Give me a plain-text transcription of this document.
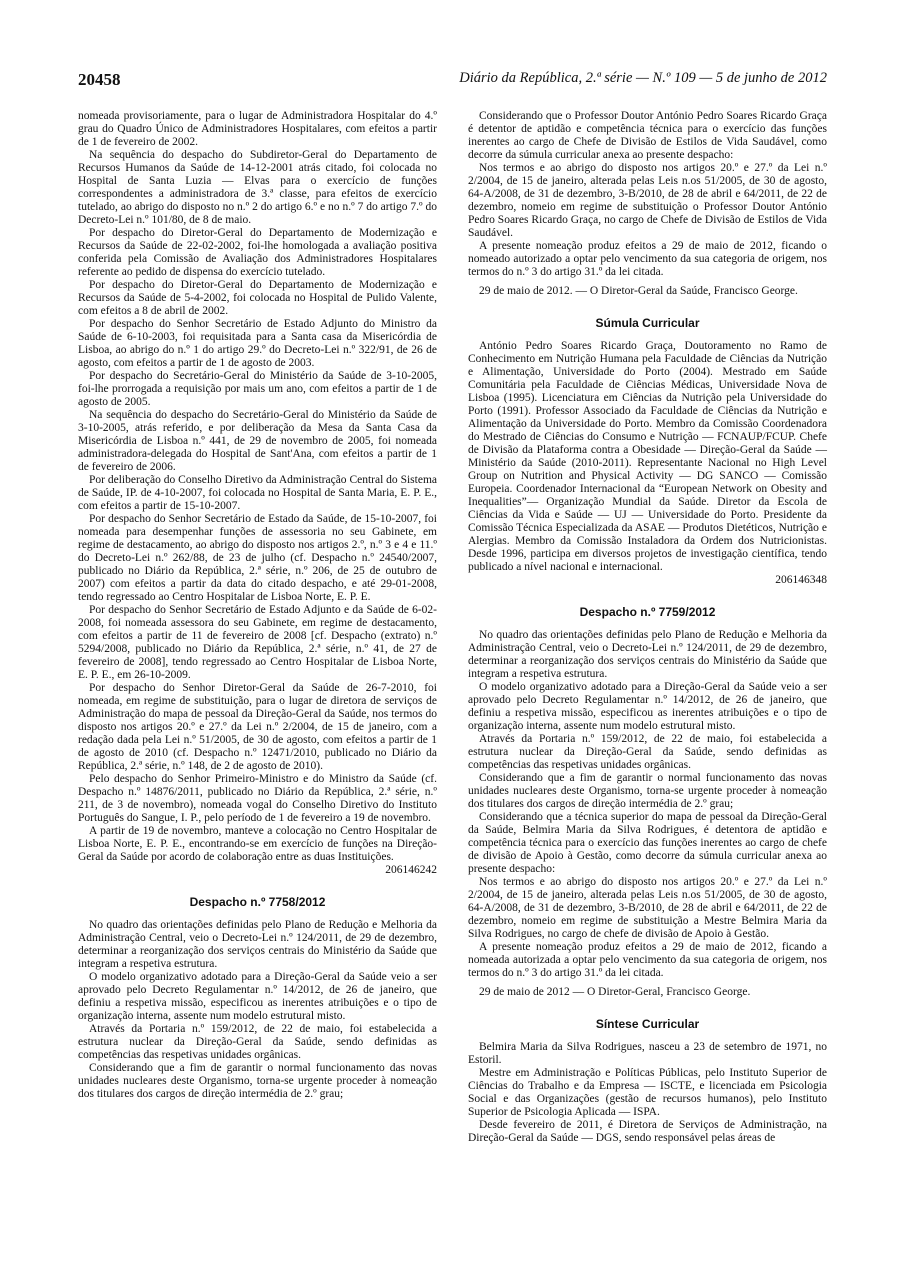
20458	Diário da República, 2.ª série — N.º 109 — 5 de junho de 2012

nomeada provisoriamente, para o lugar de Administradora Hospitalar do 4.º grau do Quadro Único de Administradores Hospitalares, com efeitos a partir de 1 de fevereiro de 2002.

Na sequência do despacho do Subdiretor-Geral do Departamento de Recursos Humanos da Saúde de 14-12-2001 atrás citado, foi colocada no Hospital de Santa Luzia — Elvas para o exercício de funções correspondentes a administradora de 3.ª classe, para efeitos de exercício tutelado, ao abrigo do disposto no n.º 2 do artigo 6.º e no n.º 7 do artigo 7.º do Decreto-Lei n.º 101/80, de 8 de maio.

Por despacho do Diretor-Geral do Departamento de Modernização e Recursos da Saúde de 22-02-2002, foi-lhe homologada a avaliação positiva conferida pela Comissão de Avaliação dos Administradores Hospitalares referente ao pedido de dispensa do exercício tutelado.

Por despacho do Diretor-Geral do Departamento de Modernização e Recursos da Saúde de 5-4-2002, foi colocada no Hospital de Pulido Valente, com efeitos a 8 de abril de 2002.

Por despacho do Senhor Secretário de Estado Adjunto do Ministro da Saúde de 6-10-2003, foi requisitada para a Santa casa da Misericórdia de Lisboa, ao abrigo do n.º 1 do artigo 29.º do Decreto-Lei n.º 322/91, de 26 de agosto, com efeitos a partir de 1 de agosto de 2003.

Por despacho do Secretário-Geral do Ministério da Saúde de 3-10-2005, foi-lhe prorrogada a requisição por mais um ano, com efeitos a partir de 1 de agosto de 2005.

Na sequência do despacho do Secretário-Geral do Ministério da Saúde de 3-10-2005, atrás referido, e por deliberação da Mesa da Santa Casa da Misericórdia de Lisboa n.º 441, de 29 de novembro de 2005, foi nomeada administradora-delegada do Hospital de Sant'Ana, com efeitos a partir de 1 de fevereiro de 2006.

Por deliberação do Conselho Diretivo da Administração Central do Sistema de Saúde, IP. de 4-10-2007, foi colocada no Hospital de Santa Maria, E. P. E., com efeitos a partir de 15-10-2007.

Por despacho do Senhor Secretário de Estado da Saúde, de 15-10-2007, foi nomeada para desempenhar funções de assessoria no seu Gabinete, em regime de destacamento, ao abrigo do disposto nos artigos 2.º, n.º 3 e 4 e 11.º do Decreto-Lei n.º 262/88, de 23 de julho (cf. Despacho n.º 24540/2007, publicado no Diário da República, 2.ª série, n.º 206, de 25 de outubro de 2007) com efeitos a partir da data do citado despacho, e até 29-01-2008, tendo regressado ao Centro Hospitalar de Lisboa Norte, E. P. E.

Por despacho do Senhor Secretário de Estado Adjunto e da Saúde de 6-02-2008, foi nomeada assessora do seu Gabinete, em regime de destacamento, com efeitos a partir de 11 de fevereiro de 2008 [cf. Despacho (extrato) n.º 5294/2008, publicado no Diário da República, 2.ª série, n.º 41, de 27 de fevereiro de 2008], tendo regressado ao Centro Hospitalar de Lisboa Norte, E. P. E., em 26-10-2009.

Por despacho do Senhor Diretor-Geral da Saúde de 26-7-2010, foi nomeada, em regime de substituição, para o lugar de diretora de serviços de Administração do mapa de pessoal da Direção-Geral da Saúde, nos termos do disposto nos artigos 20.º e 27.º da Lei n.º 2/2004, de 15 de janeiro, com a redação dada pela Lei n.º 51/2005, de 30 de agosto, com efeitos a partir de 1 de agosto de 2010 (cf. Despacho n.º 12471/2010, publicado no Diário da República, 2.ª série, n.º 148, de 2 de agosto de 2010).

Pelo despacho do Senhor Primeiro-Ministro e do Ministro da Saúde (cf. Despacho n.º 14876/2011, publicado no Diário da República, 2.ª série, n.º 211, de 3 de novembro), nomeada vogal do Conselho Diretivo do Instituto Português do Sangue, I. P., pelo período de 1 de fevereiro a 19 de novembro.

A partir de 19 de novembro, manteve a colocação no Centro Hospitalar de Lisboa Norte, E. P. E., encontrando-se em exercício de funções na Direção-Geral da Saúde por acordo de colaboração entre as duas Instituições.

206146242
Despacho n.º 7758/2012

No quadro das orientações definidas pelo Plano de Redução e Melhoria da Administração Central, veio o Decreto-Lei n.º 124/2011, de 29 de dezembro, determinar a reorganização dos serviços centrais do Ministério da Saúde que integram a respetiva estrutura.

O modelo organizativo adotado para a Direção-Geral da Saúde veio a ser aprovado pelo Decreto Regulamentar n.º 14/2012, de 26 de janeiro, que definiu a respetiva missão, especificou as inerentes atribuições e o tipo de organização interna, assente num modelo estrutural misto.

Através da Portaria n.º 159/2012, de 22 de maio, foi estabelecida a estrutura nuclear da Direção-Geral da Saúde, sendo definidas as competências das respetivas unidades orgânicas.

Considerando que a fim de garantir o normal funcionamento das novas unidades nucleares deste Organismo, torna-se urgente proceder à nomeação dos titulares dos cargos de direção intermédia de 2.º grau;

Considerando que o Professor Doutor António Pedro Soares Ricardo Graça é detentor de aptidão e competência técnica para o exercício das funções inerentes ao cargo de Chefe de Divisão de Estilos de Vida Saudável, como decorre da súmula curricular anexa ao presente despacho:

Nos termos e ao abrigo do disposto nos artigos 20.º e 27.º da Lei n.º 2/2004, de 15 de janeiro, alterada pelas Leis n.os 51/2005, de 30 de agosto, 64-A/2008, de 31 de dezembro, 3-B/2010, de 28 de abril e 64/2011, de 22 de dezembro, nomeio em regime de substituição o Professor Doutor António Pedro Soares Ricardo Graça, no cargo de Chefe de Divisão de Estilos de Vida Saudável.

A presente nomeação produz efeitos a 29 de maio de 2012, ficando o nomeado autorizado a optar pelo vencimento da sua categoria de origem, nos termos do n.º 3 do artigo 31.º da lei citada.

29 de maio de 2012. — O Diretor-Geral da Saúde, Francisco George.

Súmula Curricular

António Pedro Soares Ricardo Graça, Doutoramento no Ramo de Conhecimento em Nutrição Humana pela Faculdade de Ciências da Nutrição e Alimentação, Universidade do Porto (2004). Mestrado em Saúde Comunitária pela Faculdade de Ciências Médicas, Universidade Nova de Lisboa (1995). Licenciatura em Ciências da Nutrição pela Universidade do Porto (1991). Professor Associado da Faculdade de Ciências da Nutrição e Alimentação da Universidade do Porto. Membro da Comissão Coordenadora do Mestrado de Ciências do Consumo e Nutrição — FCNAUP/FCUP. Chefe de Divisão da Plataforma contra a Obesidade — Direção-Geral da Saúde — Ministério da Saúde (2010-2011). Representante Nacional no High Level Group on Nutrition and Physical Activity — DG SANCO — Comissão Europeia. Coordenador Internacional da “European Network on Obesity and Inequalities”— Organização Mundial da Saúde. Diretor da Escola de Ciências da Vida e Saúde — UJ — Universidade do Porto. Presidente da Comissão Técnica Especializada da ASAE — Produtos Dietéticos, Nutrição e Alergias. Membro da Comissão Instaladora da Ordem dos Nutricionistas. Desde 1996, participa em diversos projetos de investigação científica, tendo publicado a nível nacional e internacional.

206146348
Despacho n.º 7759/2012

No quadro das orientações definidas pelo Plano de Redução e Melhoria da Administração Central, veio o Decreto-Lei n.º 124/2011, de 29 de dezembro, determinar a reorganização dos serviços centrais do Ministério da Saúde que integram a respetiva estrutura.

O modelo organizativo adotado para a Direção-Geral da Saúde veio a ser aprovado pelo Decreto Regulamentar n.º 14/2012, de 26 de janeiro, que definiu a respetiva missão, especificou as inerentes atribuições e o tipo de organização interna, assente num modelo estrutural misto.

Através da Portaria n.º 159/2012, de 22 de maio, foi estabelecida a estrutura nuclear da Direção-Geral da Saúde, sendo definidas as competências das respetivas unidades orgânicas.

Considerando que a fim de garantir o normal funcionamento das novas unidades nucleares deste Organismo, torna-se urgente proceder à nomeação dos titulares dos cargos de direção intermédia de 2.º grau;

Considerando que a técnica superior do mapa de pessoal da Direção-Geral da Saúde, Belmira Maria da Silva Rodrigues, é detentora de aptidão e competência técnica para o exercício das funções inerentes ao cargo de chefe de divisão de Apoio à Gestão, como decorre da súmula curricular anexa ao presente despacho:

Nos termos e ao abrigo do disposto nos artigos 20.º e 27.º da Lei n.º 2/2004, de 15 de janeiro, alterada pelas Leis n.os 51/2005, de 30 de agosto, 64-A/2008, de 31 de dezembro, 3-B/2010, de 28 de abril e 64/2011, de 22 de dezembro, nomeio em regime de substituição a Mestre Belmira Maria da Silva Rodrigues, no cargo de chefe de divisão de Apoio à Gestão.

A presente nomeação produz efeitos a 29 de maio de 2012, ficando a nomeada autorizada a optar pelo vencimento da sua categoria de origem, nos termos do n.º 3 do artigo 31.º da lei citada.

29 de maio de 2012 — O Diretor-Geral, Francisco George.

Síntese Curricular

Belmira Maria da Silva Rodrigues, nasceu a 23 de setembro de 1971, no Estoril.

Mestre em Administração e Políticas Públicas, pelo Instituto Superior de Ciências do Trabalho e da Empresa — ISCTE, e licenciada em Psicologia Social e das Organizações (gestão de recursos humanos), pelo Instituto Superior de Psicologia Aplicada — ISPA.

Desde fevereiro de 2011, é Diretora de Serviços de Administração, na Direção-Geral da Saúde — DGS, sendo responsável pelas áreas de
